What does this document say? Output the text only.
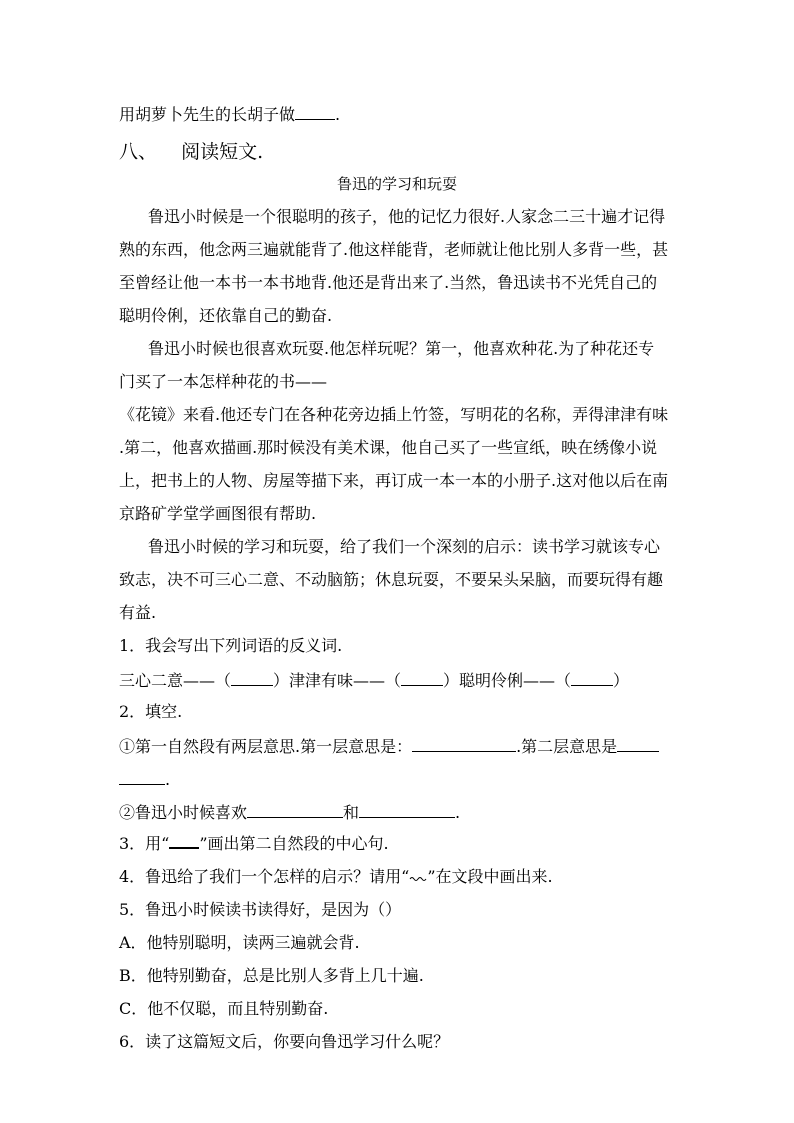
用胡萝卜先生的长胡子做	.
八、 阅读短文.
鲁迅的学习和玩耍
鲁迅小时候是一个很聪明的孩子，他的记忆力很好.人家念二三十遍才记得
熟的东西，他念两三遍就能背了.他这样能背，老师就让他比别人多背一些，甚
至曾经让他一本书一本书地背.他还是背出来了.当然，鲁迅读书不光凭自己的
聪明伶俐，还依靠自己的勤奋.
鲁迅小时候也很喜欢玩耍.他怎样玩呢？第一，他喜欢种花.为了种花还专
门买了一本怎样种花的书——
《花镜》来看.他还专门在各种花旁边插上竹签，写明花的名称，弄得津津有味
.第二，他喜欢描画.那时候没有美术课，他自己买了一些宣纸，映在绣像小说
上，把书上的人物、房屋等描下来，再订成一本一本的小册子.这对他以后在南
京路矿学堂学画图很有帮助.
鲁迅小时候的学习和玩耍，给了我们一个深刻的启示：读书学习就该专心
致志，决不可三心二意、不动脑筋；休息玩耍，不要呆头呆脑，而要玩得有趣
有益.
1．我会写出下列词语的反义词.
三心二意——（	）津津有味——（	）聪明伶俐——（	）
2．填空.
①第一自然段有两层意思.第一层意思是：	.第二层意思是
.
②鲁迅小时候喜欢	和	.
3．用“ ”画出第二自然段的中心句.
4．鲁迅给了我们一个怎样的启示？请用“ ”在文段中画出来.
5．鲁迅小时候读书读得好，是因为（）
A．他特别聪明，读两三遍就会背.
B．他特别勤奋，总是比别人多背上几十遍.
C．他不仅聪，而且特别勤奋.
6．读了这篇短文后，你要向鲁迅学习什么呢？
